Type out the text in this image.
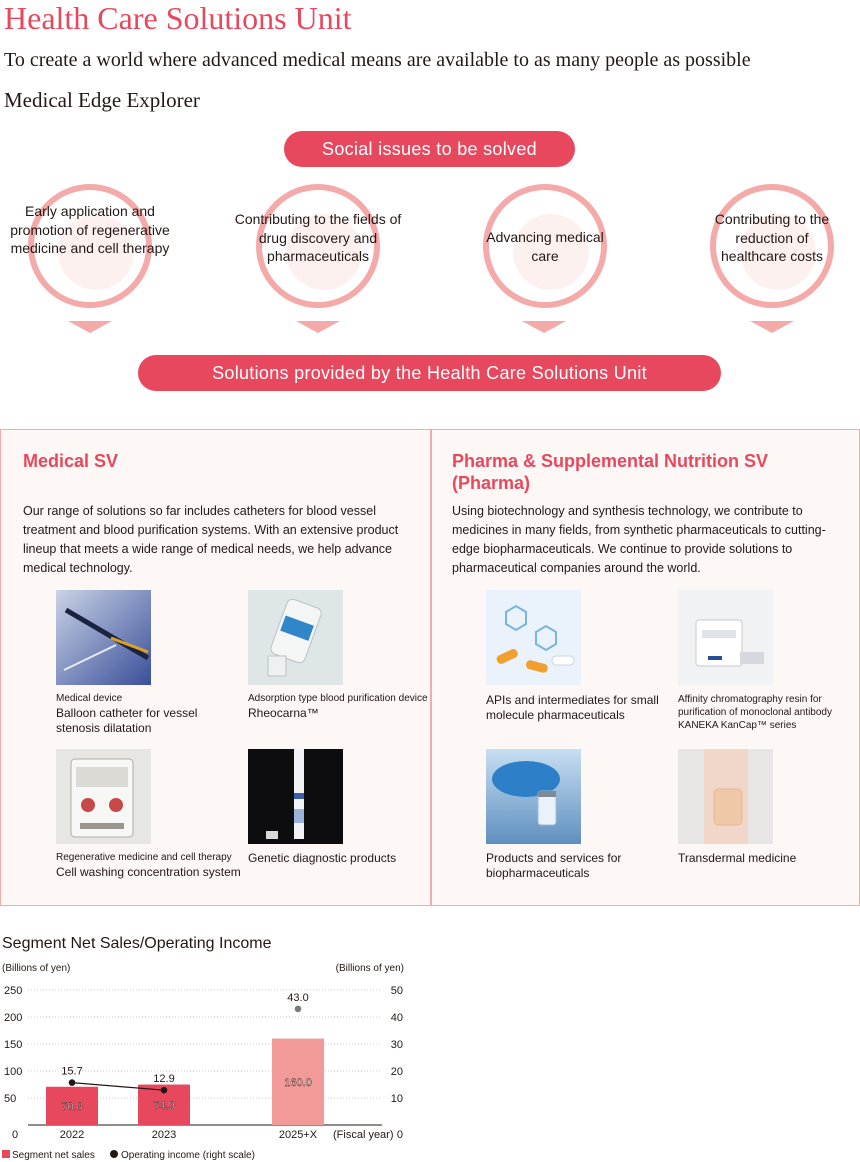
Health Care Solutions Unit
To create a world where advanced medical means are available to as many people as possible
Medical Edge Explorer
Social issues to be solved
Early application and promotion of regenerative medicine and cell therapy
Contributing to the fields of drug discovery and pharmaceuticals
Advancing medical care
Contributing to the reduction of healthcare costs
Solutions provided by the Health Care Solutions Unit
Medical SV
Our range of solutions so far includes catheters for blood vessel treatment and blood purification systems. With an extensive product lineup that meets a wide range of medical needs, we help advance medical technology.
Pharma & Supplemental Nutrition SV (Pharma)
Using biotechnology and synthesis technology, we contribute to medicines in many fields, from synthetic pharmaceuticals to cutting-edge biopharmaceuticals. We continue to provide solutions to pharmaceutical companies around the world.
Medical device
Balloon catheter for vessel stenosis dilatation
Adsorption type blood purification device
Rheocarna™
Regenerative medicine and cell therapy
Cell washing concentration system
Genetic diagnostic products
APIs and intermediates for small molecule pharmaceuticals
Affinity chromatography resin for purification of monoclonal antibody KANEKA KanCap™ series
Products and services for biopharmaceuticals
Transdermal medicine
Segment Net Sales/Operating Income
(Billions of yen)	(Billions of yen)
50	10
100	20
150	30
200	40
250	50
0	0
70.8	74.9
160.0
2022	2023	2025+X (Fiscal year)
15.7
12.9
43.0
Segment net sales	Operating income (right scale)
